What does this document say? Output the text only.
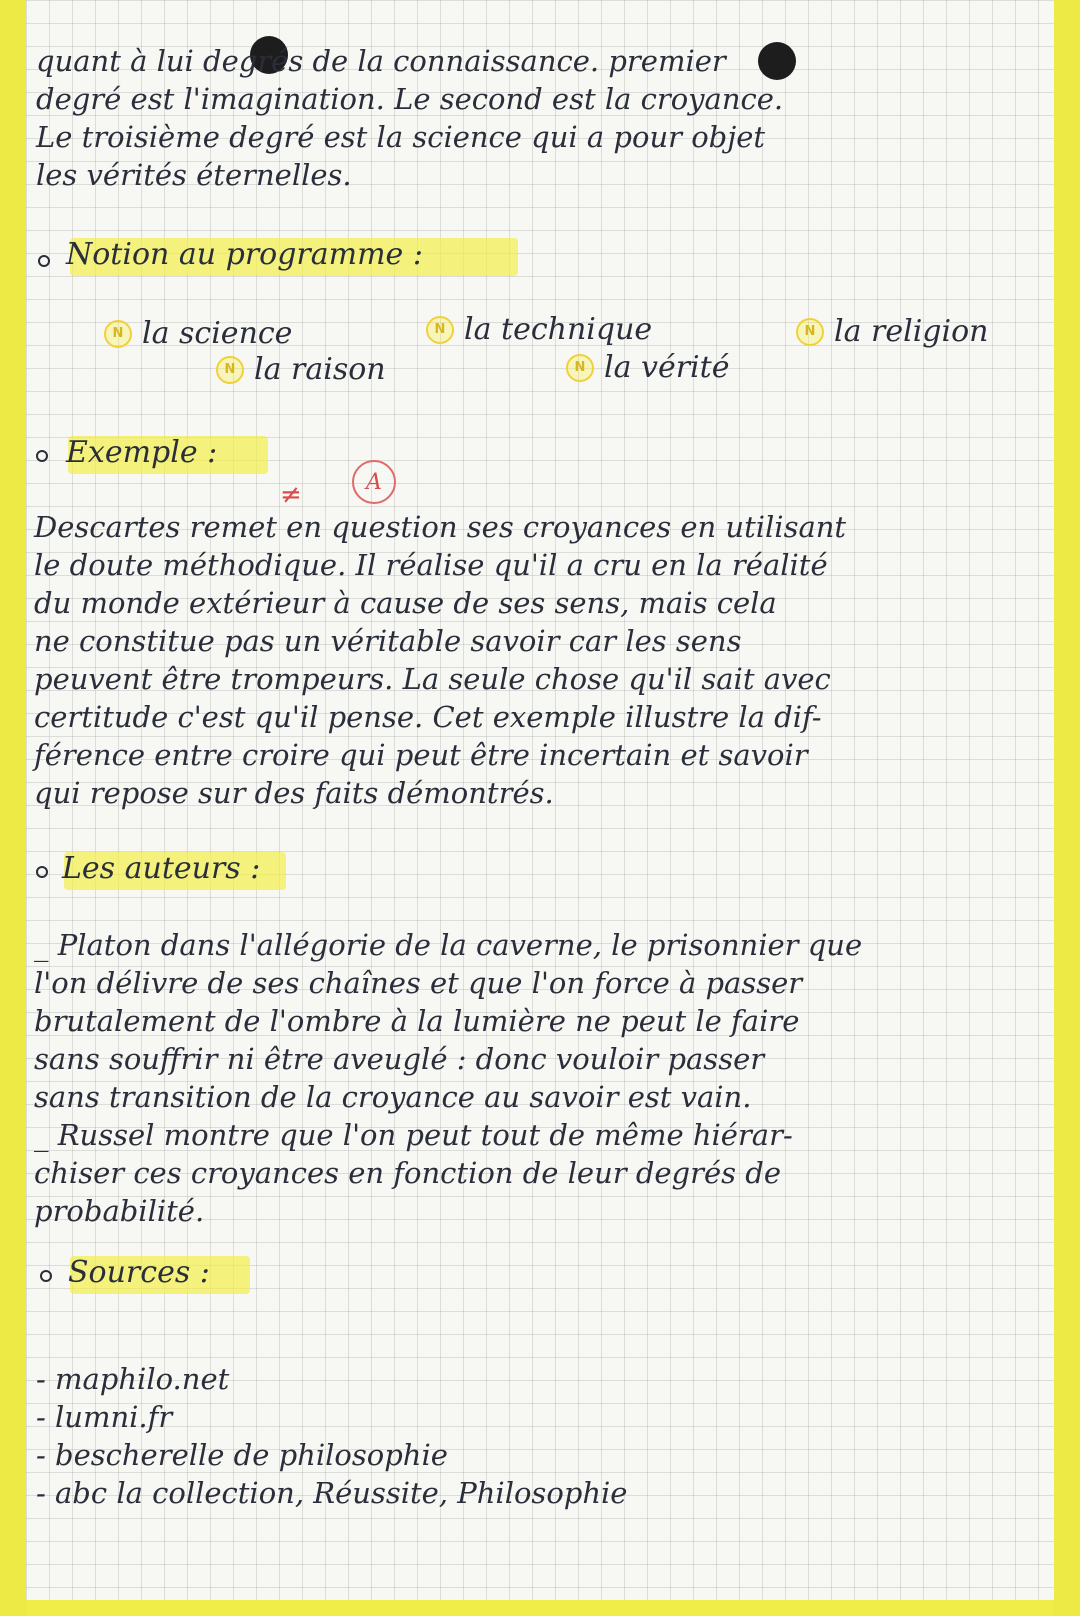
quant à lui degrés de la connaissance. premier
degré est l'imagination. Le second est la croyance.
Le troisième degré est la science qui a pour objet
les vérités éternelles.

Notion au programme :

N la science	N la technique	N la religion
N la raison	N la vérité

Exemple :

≠	A

Descartes remet en question ses croyances en utilisant
le doute méthodique. Il réalise qu'il a cru en la réalité
du monde extérieur à cause de ses sens, mais cela
ne constitue pas un véritable savoir car les sens
peuvent être trompeurs. La seule chose qu'il sait avec
certitude c'est qu'il pense. Cet exemple illustre la dif-
férence entre croire qui peut être incertain et savoir
qui repose sur des faits démontrés.

Les auteurs :

_ Platon dans l'allégorie de la caverne, le prisonnier que
l'on délivre de ses chaînes et que l'on force à passer
brutalement de l'ombre à la lumière ne peut le faire
sans souffrir ni être aveuglé : donc vouloir passer
sans transition de la croyance au savoir est vain.

_ Russel montre que l'on peut tout de même hiérar-
chiser ces croyances en fonction de leur degrés de
probabilité.

Sources :

- maphilo.net

- lumni.fr

- bescherelle de philosophie

- abc la collection, Réussite, Philosophie
